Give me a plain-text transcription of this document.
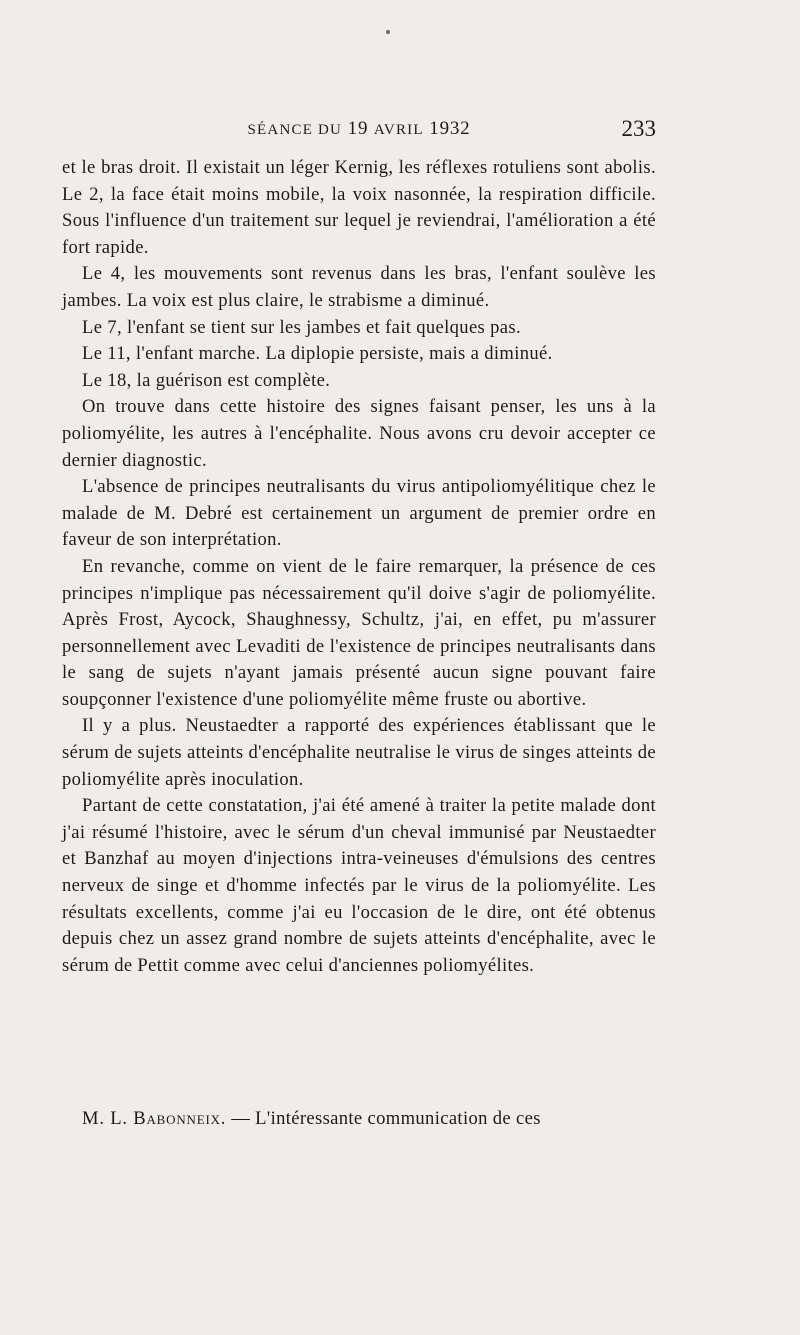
SÉANCE DU 19 AVRIL 1932	233

et le bras droit. Il existait un léger Kernig, les réflexes rotuliens sont abolis. Le 2, la face était moins mobile, la voix nasonnée, la respiration difficile. Sous l'influence d'un traitement sur lequel je reviendrai, l'amélioration a été fort rapide.

Le 4, les mouvements sont revenus dans les bras, l'enfant soulève les jambes. La voix est plus claire, le strabisme a diminué.

Le 7, l'enfant se tient sur les jambes et fait quelques pas.

Le 11, l'enfant marche. La diplopie persiste, mais a diminué.

Le 18, la guérison est complète.

On trouve dans cette histoire des signes faisant penser, les uns à la poliomyélite, les autres à l'encéphalite. Nous avons cru devoir accepter ce dernier diagnostic.

L'absence de principes neutralisants du virus antipoliomyélitique chez le malade de M. Debré est certainement un argument de premier ordre en faveur de son interprétation.

En revanche, comme on vient de le faire remarquer, la présence de ces principes n'implique pas nécessairement qu'il doive s'agir de poliomyélite. Après Frost, Aycock, Shaughnessy, Schultz, j'ai, en effet, pu m'assurer personnellement avec Levaditi de l'existence de principes neutralisants dans le sang de sujets n'ayant jamais présenté aucun signe pouvant faire soupçonner l'existence d'une poliomyélite même fruste ou abortive.

Il y a plus. Neustaedter a rapporté des expériences établissant que le sérum de sujets atteints d'encéphalite neutralise le virus de singes atteints de poliomyélite après inoculation.

Partant de cette constatation, j'ai été amené à traiter la petite malade dont j'ai résumé l'histoire, avec le sérum d'un cheval immunisé par Neustaedter et Banzhaf au moyen d'injections intra-veineuses d'émulsions des centres nerveux de singe et d'homme infectés par le virus de la poliomyélite. Les résultats excellents, comme j'ai eu l'occasion de le dire, ont été obtenus depuis chez un assez grand nombre de sujets atteints d'encéphalite, avec le sérum de Pettit comme avec celui d'anciennes poliomyélites.

M. L. Babonneix. — L'intéressante communication de ces
